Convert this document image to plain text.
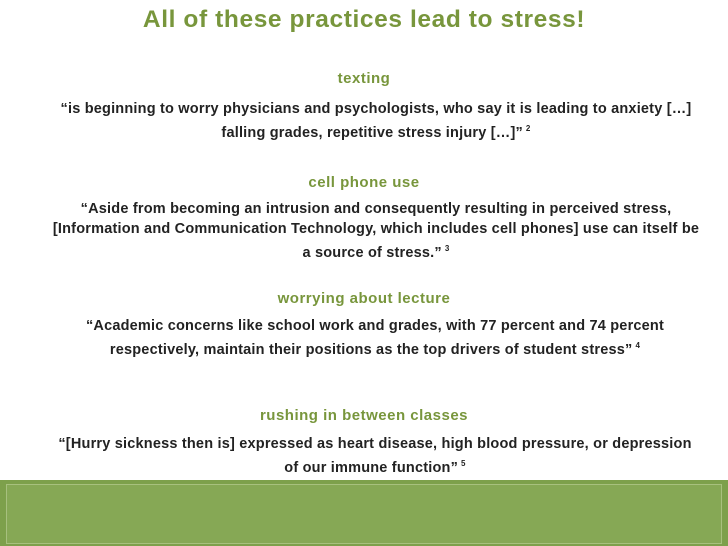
All of these practices lead to stress!
texting
“is beginning to worry physicians and psychologists, who say it is leading to anxiety […] falling grades, repetitive stress injury […]” $^2$
cell phone use
“Aside from becoming an intrusion and consequently resulting in perceived stress, [Information and Communication Technology, which includes cell phones] use can itself be a source of stress.” $^3$
worrying about lecture
“Academic concerns like school work and grades, with 77 percent and 74 percent respectively, maintain their positions as the top drivers of student stress” $^4$
rushing in between classes
“[Hurry sickness then is] expressed as heart disease, high blood pressure, or depression of our immune function” $^5$
